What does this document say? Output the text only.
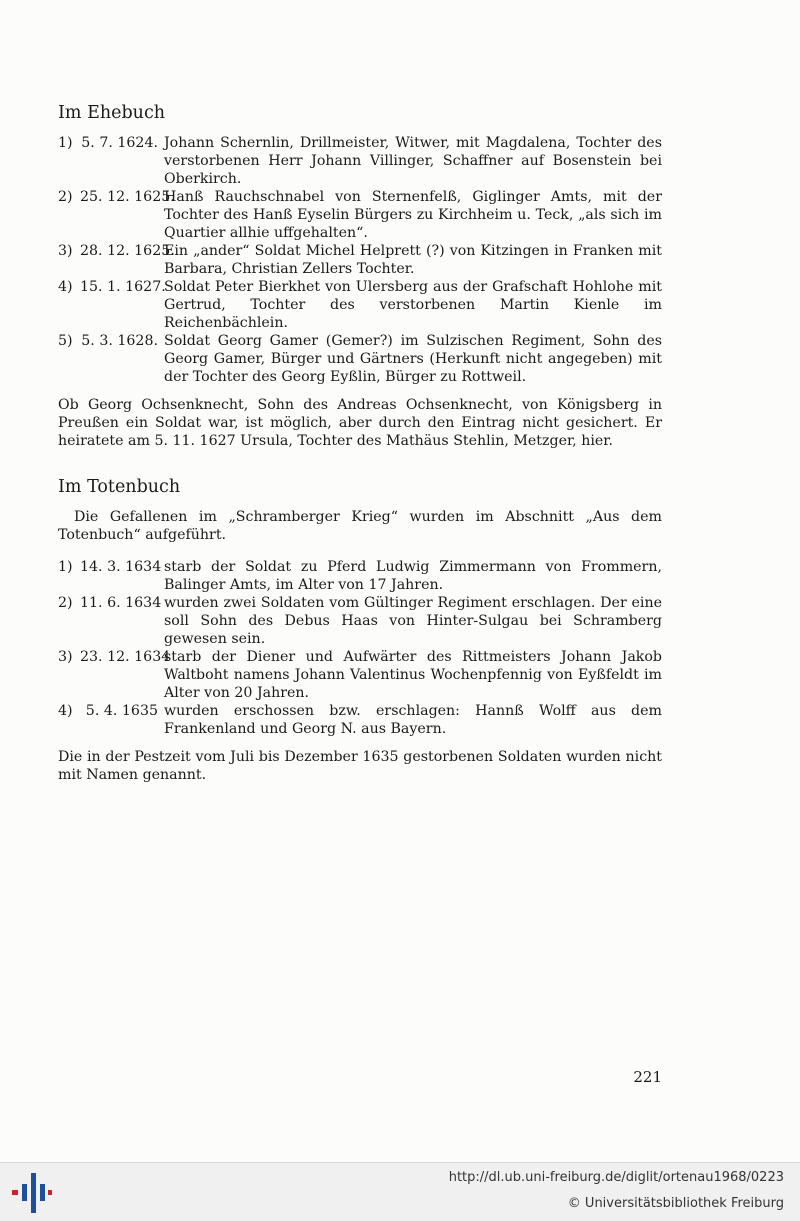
Im Ehebuch
1) 5. 7. 1624. Johann Schernlin, Drillmeister, Witwer, mit Magdalena, Tochter des verstorbenen Herr Johann Villinger, Schaffner auf Bosenstein bei Oberkirch.
2) 25. 12. 1625.
Hanß Rauchschnabel von Sternenfelß, Giglinger Amts, mit der Tochter des Hanß Eyselin Bürgers zu Kirchheim u. Teck, „als sich im Quartier allhie uffgehalten“.
3) 28. 12. 1625.
Ein „ander“ Soldat Michel Helprett (?) von Kitzingen in Franken mit Barbara, Christian Zellers Tochter.
4) 15. 1. 1627.
Soldat Peter Bierkhet von Ulersberg aus der Grafschaft Hohlohe mit Gertrud, Tochter des verstorbenen Martin Kienle im Reichenbächlein.
5) 5. 3. 1628. Soldat Georg Gamer (Gemer?) im Sulzischen Regiment, Sohn des Georg Gamer, Bürger und Gärtners (Herkunft nicht angegeben) mit der Tochter des Georg Eyßlin, Bürger zu Rottweil.

Ob Georg Ochsenknecht, Sohn des Andreas Ochsenknecht, von Königsberg in Preußen ein Soldat war, ist möglich, aber durch den Eintrag nicht gesichert. Er heiratete am 5. 11. 1627 Ursula, Tochter des Mathäus Stehlin, Metzger, hier.

Im Totenbuch

Die Gefallenen im „Schramberger Krieg“ wurden im Abschnitt „Aus dem Totenbuch“ aufgeführt.

1) 14. 3. 1634 starb der Soldat zu Pferd Ludwig Zimmermann von Frommern, Balinger Amts, im Alter von 17 Jahren.
2) 11. 6. 1634 wurden zwei Soldaten vom Gültinger Regiment erschlagen. Der eine soll Sohn des Debus Haas von Hinter-Sulgau bei Schramberg gewesen sein.
3) 23. 12. 1634
starb der Diener und Aufwärter des Rittmeisters Johann Jakob Waltboht namens Johann Valentinus Wochenpfennig von Eyßfeldt im Alter von 20 Jahren.
4) 5. 4. 1635 wurden erschossen bzw. erschlagen: Hannß Wolff aus dem Frankenland und Georg N. aus Bayern.

Die in der Pestzeit vom Juli bis Dezember 1635 gestorbenen Soldaten wurden nicht mit Namen genannt.

221
http://dl.ub.uni-freiburg.de/diglit/ortenau1968/0223
© Universitätsbibliothek Freiburg
